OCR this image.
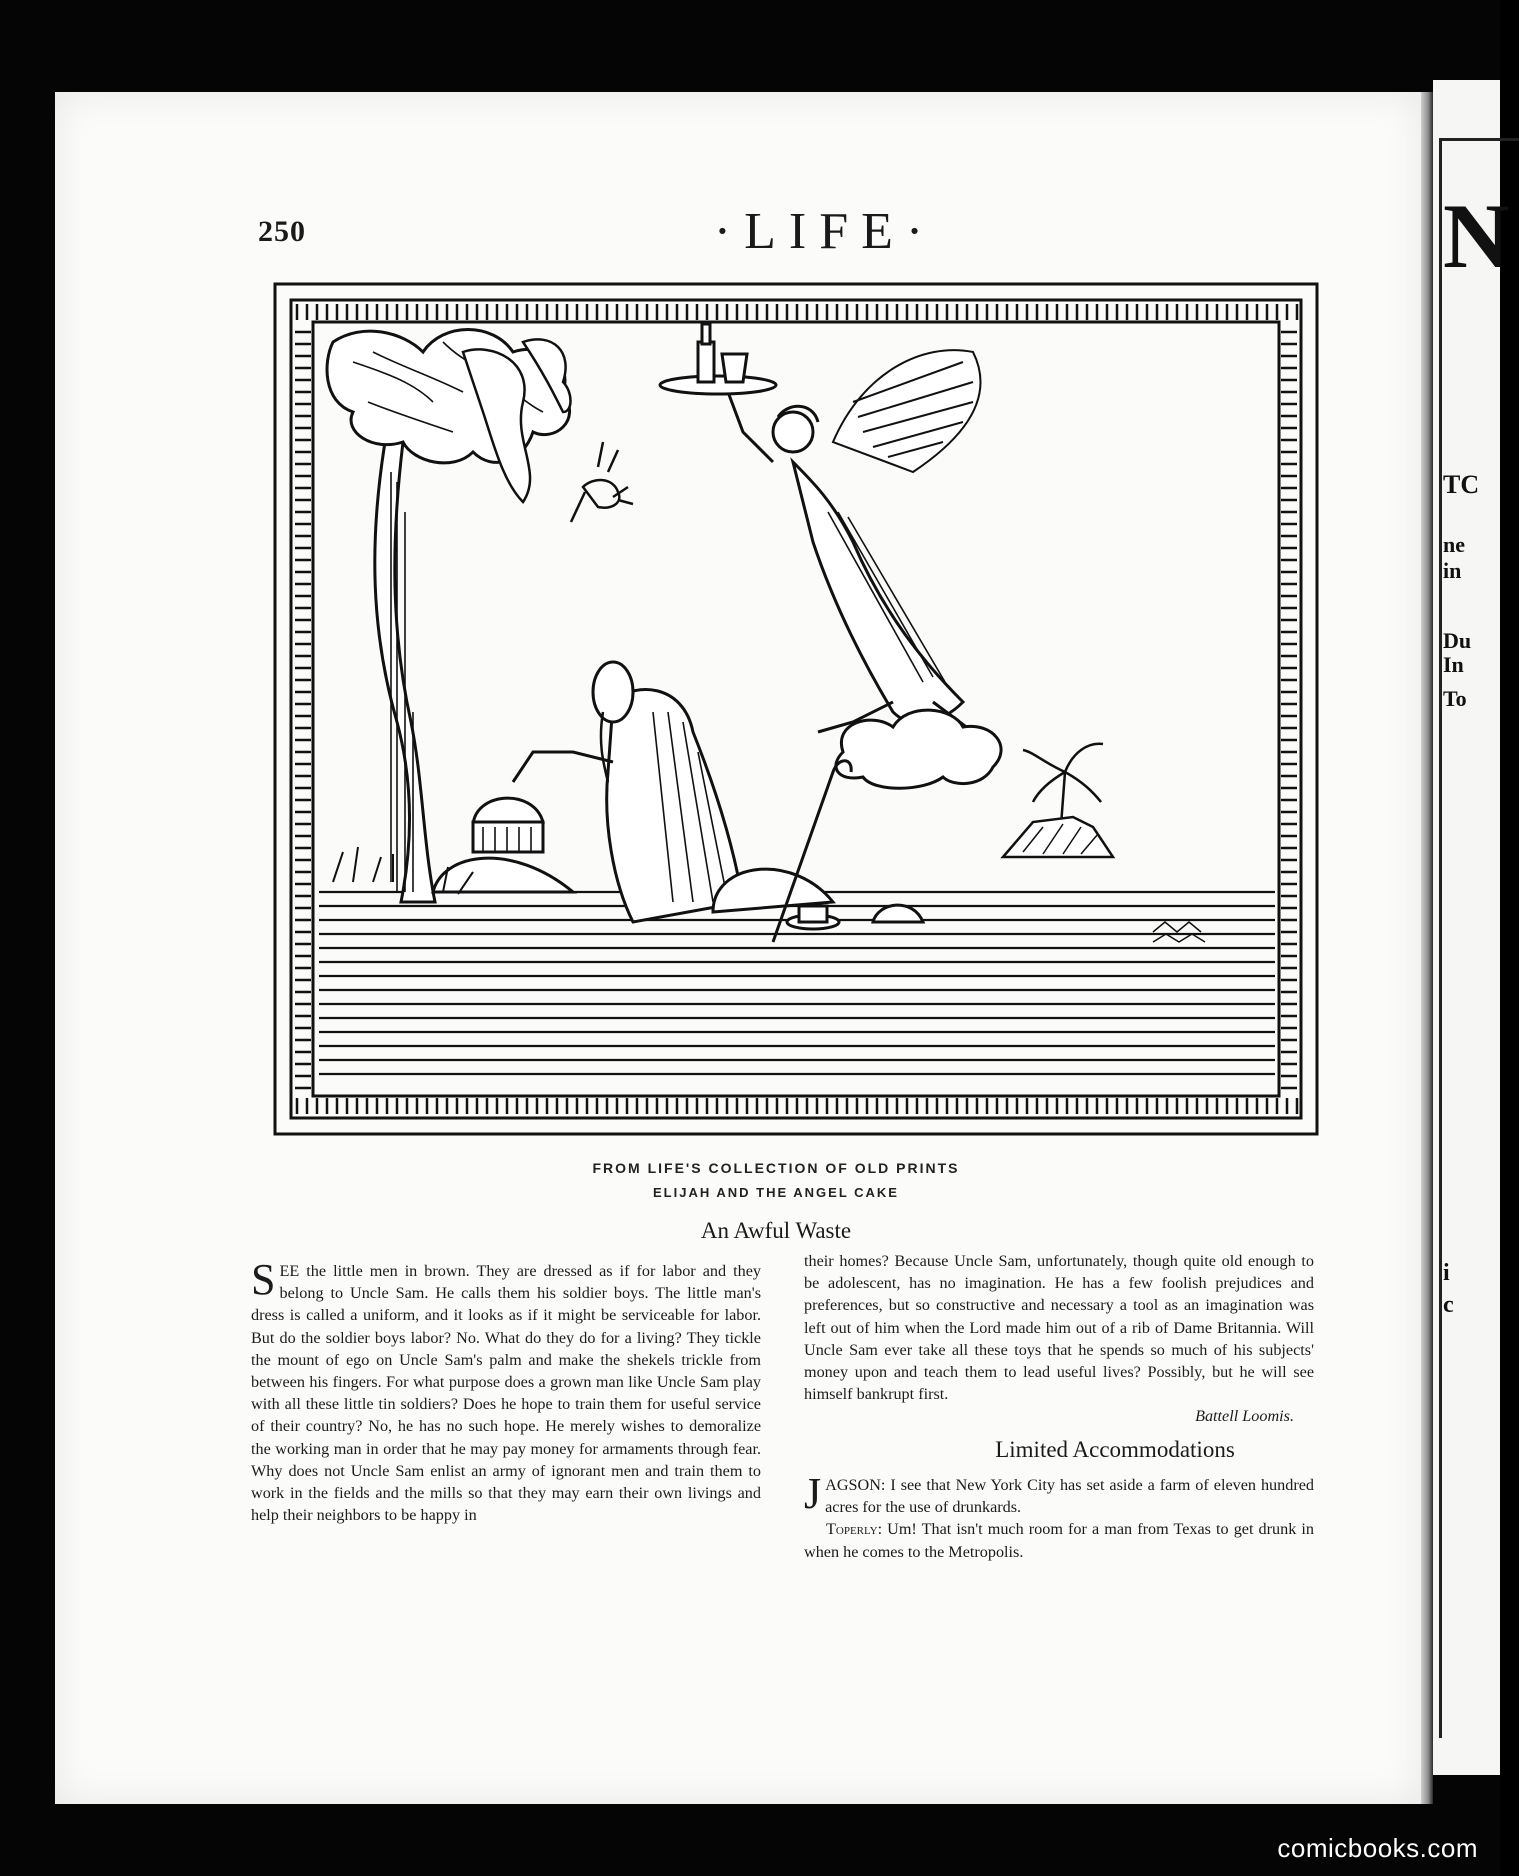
N
TC
ne
in
Du
In
To
i
c
250	·LIFE·
FROM LIFE'S COLLECTION OF OLD PRINTS
ELIJAH AND THE ANGEL CAKE
An Awful Waste
S EE the little men in brown. They are dressed as if for labor and they belong to Uncle Sam. He calls them his soldier boys. The little man's dress is called a uniform, and it looks as if it might be serviceable for labor. But do the soldier boys labor? No. What do they do for a living? They tickle the mount of ego on Uncle Sam's palm and make the shekels trickle from between his fingers. For what purpose does a grown man like Uncle Sam play with all these little tin soldiers? Does he hope to train them for useful service of their country? No, he has no such hope. He merely wishes to demoralize the working man in order that he may pay money for armaments through fear. Why does not Uncle Sam enlist an army of ignorant men and train them to work in the fields and the mills so that they may earn their own livings and help their neighbors to be happy in

their homes? Because Uncle Sam, unfortunately, though quite old enough to be adolescent, has no imagination. He has a few foolish prejudices and preferences, but so constructive and necessary a tool as an imagination was left out of him when the Lord made him out of a rib of Dame Britannia. Will Uncle Sam ever take all these toys that he spends so much of his subjects' money upon and teach them to lead useful lives? Possibly, but he will see himself bankrupt first.

Battell Loomis.

Limited Accommodations

J AGSON: I see that New York City has set aside a farm of eleven hundred acres for the use of drunkards.

Toperly: Um! That isn't much room for a man from Texas to get drunk in when he comes to the Metropolis.

comicbooks.com
